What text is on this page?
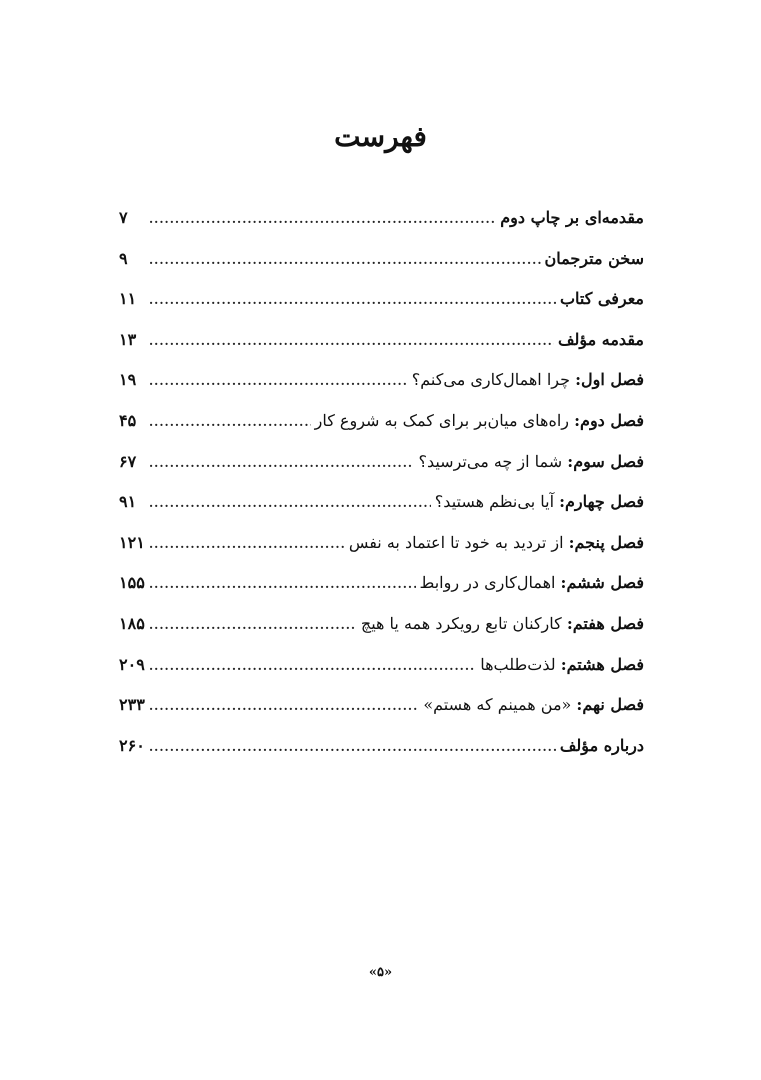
فهرست
مقدمه‌ای بر چاپ دوم
.....
۷
سخن مترجمان
.....
۹
معرفی کتاب
.....
۱۱
مقدمه مؤلف
.....
۱۳
فصل اول: چرا اهمال‌کاری می‌کنم؟
.....
۱۹
فصل دوم: راه‌های میان‌بر برای کمک به شروع کار
.....
۴۵
فصل سوم: شما از چه می‌ترسید؟
.....
۶۷
فصل چهارم: آیا بی‌نظم هستید؟
.....
۹۱
فصل پنجم: از تردید به خود تا اعتماد به نفس
.....
۱۲۱
فصل ششم: اهمال‌کاری در روابط
.....
۱۵۵
فصل هفتم: کارکنان تابع رویکرد همه یا هیچ
.....
۱۸۵
فصل هشتم: لذت‌طلب‌ها
.....
۲۰۹
فصل نهم: «من همینم که هستم»
.....
۲۳۳
درباره مؤلف
.....
۲۶۰
«۵»
